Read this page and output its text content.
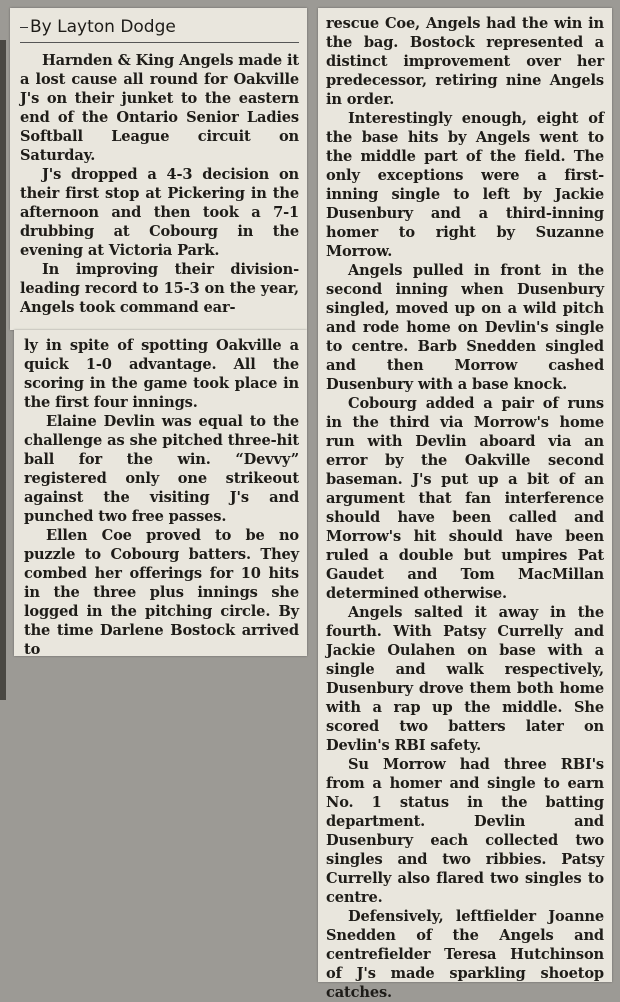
By Layton Dodge

Harnden & King Angels made it a lost cause all round for Oakville J's on their junket to the eastern end of the Ontario Senior Ladies Softball League circuit on Saturday.

J's dropped a 4-3 decision on their first stop at Pickering in the afternoon and then took a 7-1 drubbing at Cobourg in the evening at Victoria Park.

In improving their division-leading record to 15-3 on the year, Angels took command ear-

ly in spite of spotting Oakville a quick 1-0 advantage. All the scoring in the game took place in the first four innings.

Elaine Devlin was equal to the challenge as she pitched three-hit ball for the win. “Devvy” registered only one strikeout against the visiting J's and punched two free passes.

Ellen Coe proved to be no puzzle to Cobourg batters. They combed her offerings for 10 hits in the three plus innings she logged in the pitching circle. By the time Darlene Bostock arrived to

rescue Coe, Angels had the win in the bag. Bostock represented a distinct improvement over her predecessor, retiring nine Angels in order.

Interestingly enough, eight of the base hits by Angels went to the middle part of the field. The only exceptions were a first-inning single to left by Jackie Dusenbury and a third-inning homer to right by Suzanne Morrow.

Angels pulled in front in the second inning when Dusenbury singled, moved up on a wild pitch and rode home on Devlin's single to centre. Barb Snedden singled and then Morrow cashed Dusenbury with a base knock.

Cobourg added a pair of runs in the third via Morrow's home run with Devlin aboard via an error by the Oakville second baseman. J's put up a bit of an argument that fan interference should have been called and Morrow's hit should have been ruled a double but umpires Pat Gaudet and Tom MacMillan determined otherwise.

Angels salted it away in the fourth. With Patsy Currelly and Jackie Oulahen on base with a single and walk respectively, Dusenbury drove them both home with a rap up the middle. She scored two batters later on Devlin's RBI safety.

Su Morrow had three RBI's from a homer and single to earn No. 1 status in the batting department. Devlin and Dusenbury each collected two singles and two ribbies. Patsy Currelly also flared two singles to centre.

Defensively, leftfielder Joanne Snedden of the Angels and centrefielder Teresa Hutchinson of J's made sparkling shoetop catches.
